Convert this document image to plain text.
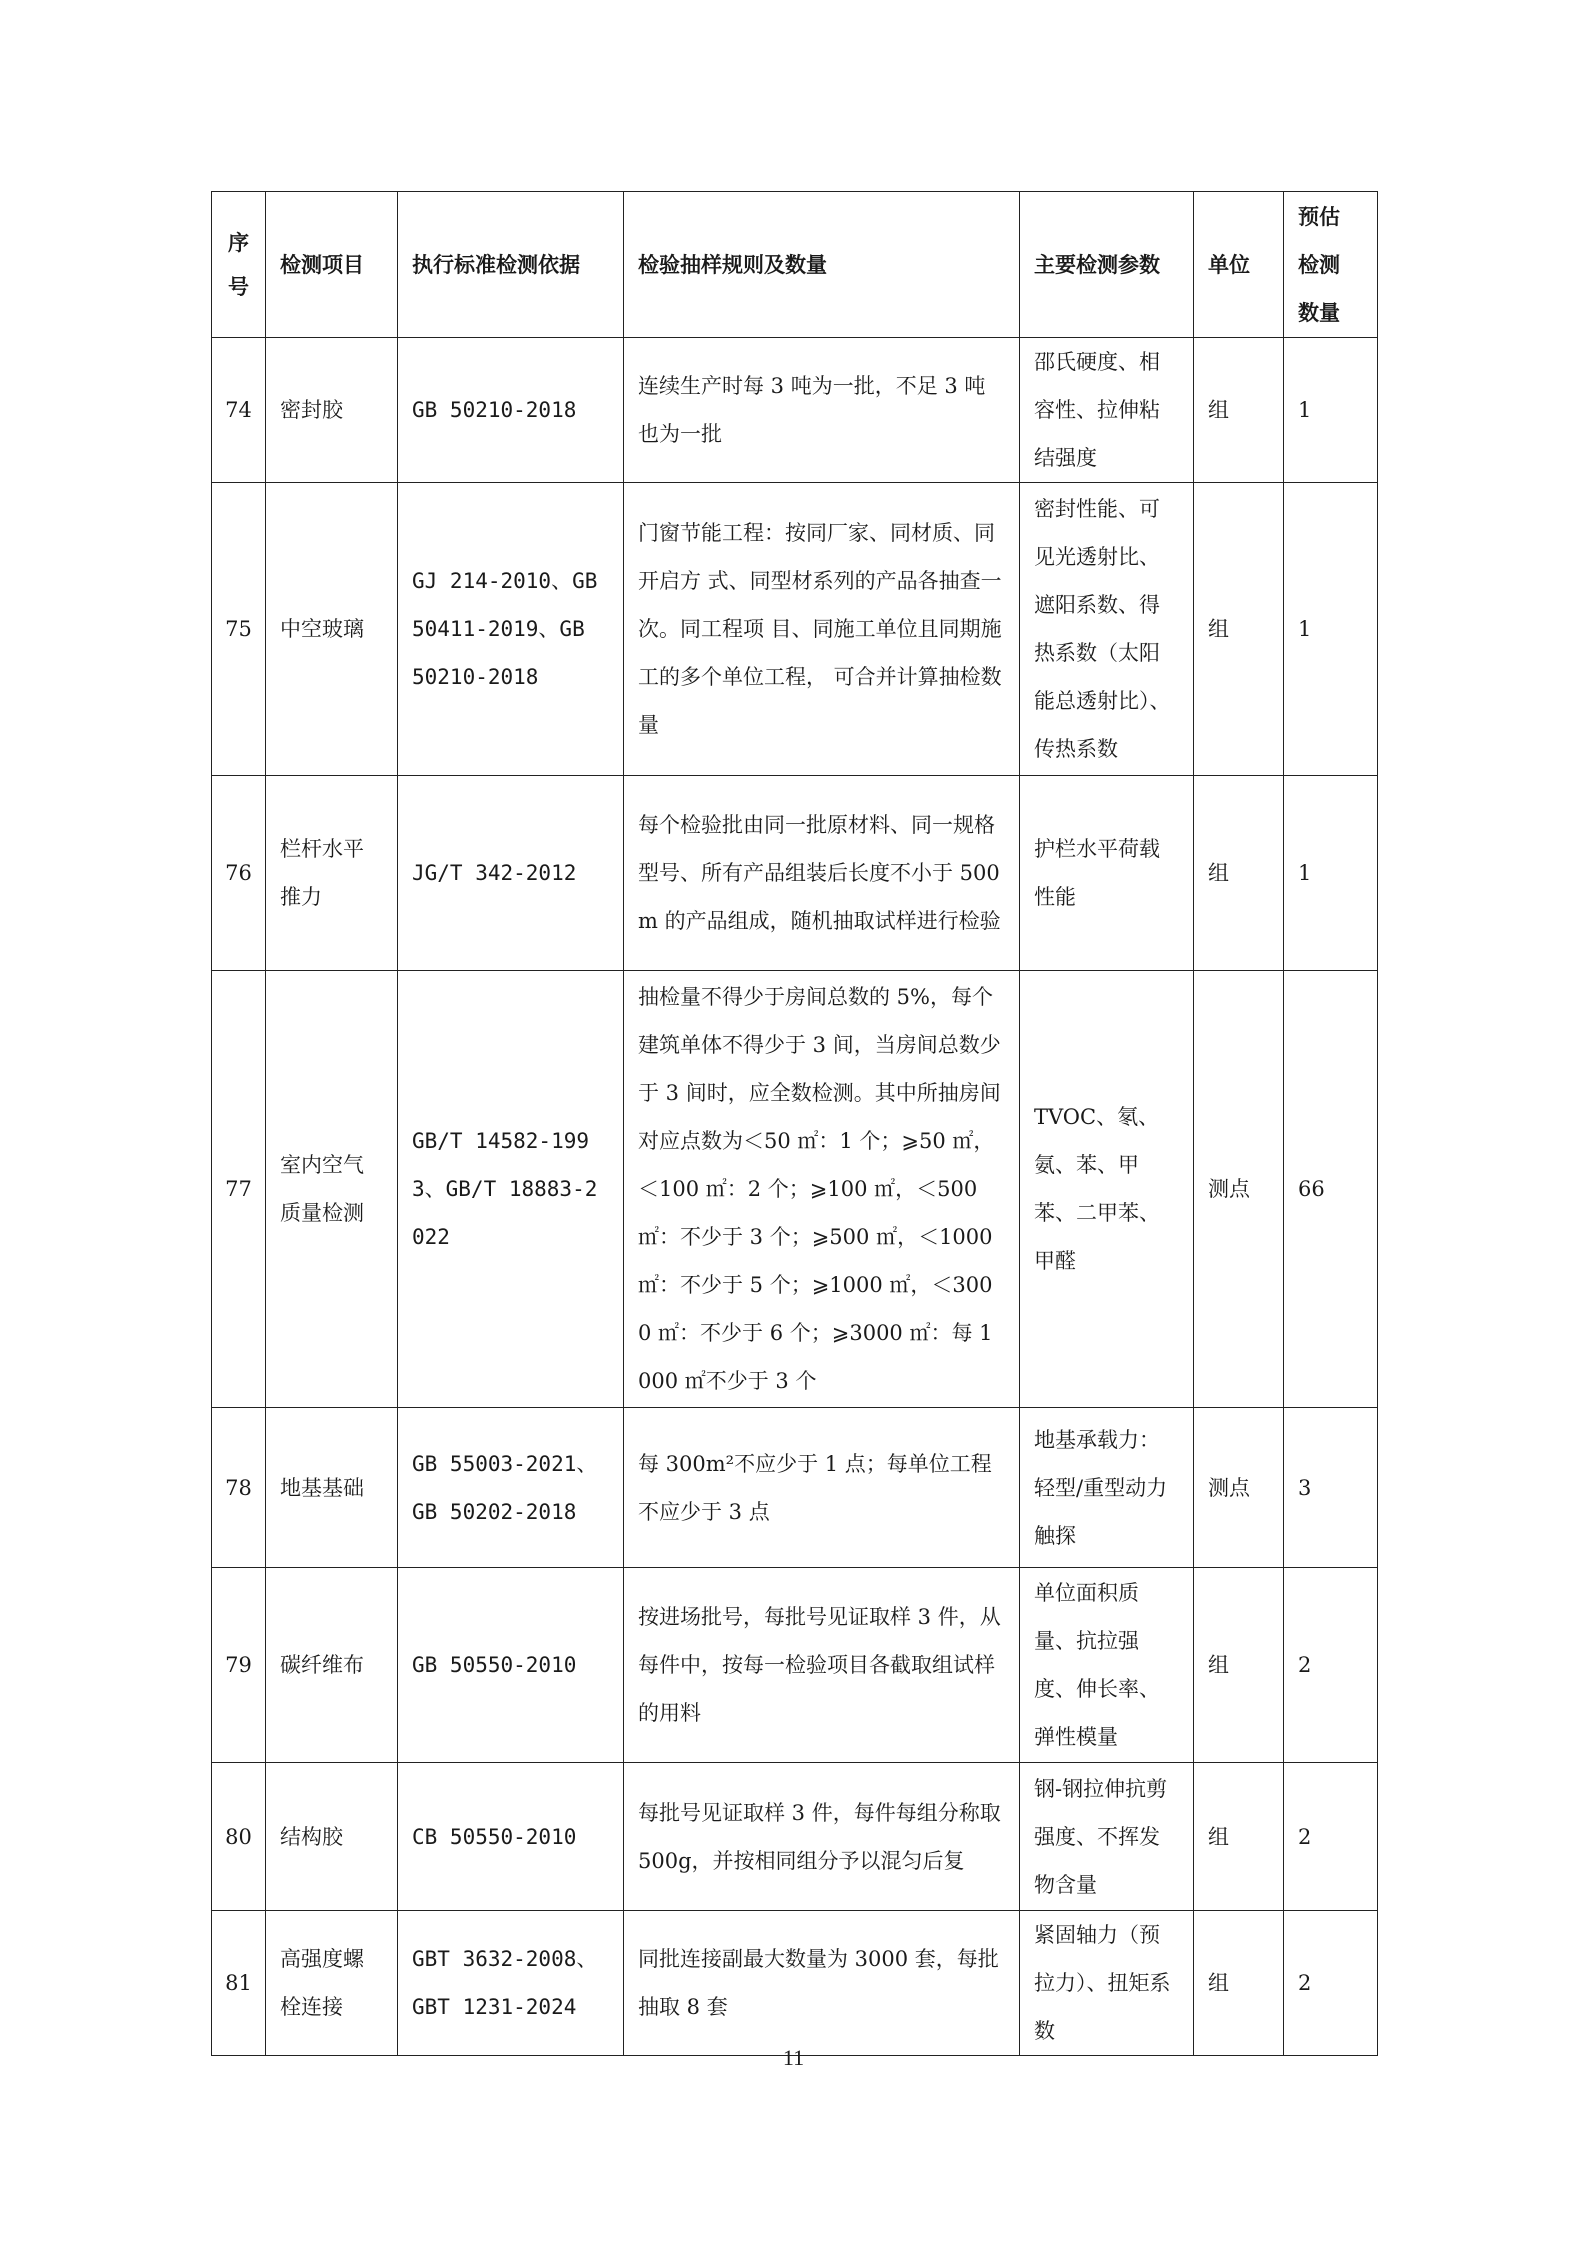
序号	检测项目	执行标准检测依据	检验抽样规则及数量	主要检测参数	单位	预估检测数量
74	密封胶	GB 50210-2018	连续生产时每 3 吨为一批，不足 3 吨也为一批	邵氏硬度、相容性、拉伸粘结强度	组	1
75	中空玻璃	GJ 214-2010、GB 50411-2019、GB 50210-2018	门窗节能工程：按同厂家、同材质、同开启方 式、同型材系列的产品各抽查一次。同工程项 目、同施工单位且同期施工的多个单位工程， 可合并计算抽检数量	密封性能、可见光透射比、遮阳系数、得热系数（太阳能总透射比）、传热系数	组	1
76	栏杆水平推力	JG/T 342-2012	每个检验批由同一批原材料、同一规格型号、所有产品组装后长度不小于 500m 的产品组成，随机抽取试样进行检验	护栏水平荷载性能	组	1
77	室内空气质量检测	GB/T 14582-1993、GB/T 18883-2022	抽检量不得少于房间总数的 5%，每个建筑单体不得少于 3 间，当房间总数少于 3 间时，应全数检测。其中所抽房间对应点数为＜50 ㎡：1 个；⩾50 ㎡，＜100 ㎡：2 个；⩾100 ㎡，＜500 ㎡：不少于 3 个；⩾500 ㎡，＜1000 ㎡：不少于 5 个；⩾1000 ㎡，＜3000 ㎡：不少于 6 个；⩾3000 ㎡：每 1000 ㎡不少于 3 个	TVOC、氡、氨、苯、甲苯、二甲苯、甲醛	测点	66
78	地基基础	GB 55003-2021、GB 50202-2018	每 300m²不应少于 1 点；每单位工程不应少于 3 点	地基承载力：轻型/重型动力触探	测点	3
79	碳纤维布	GB 50550-2010	按进场批号，每批号见证取样 3 件，从每件中，按每一检验项目各截取组试样的用料	单位面积质量、抗拉强度、伸长率、弹性模量	组	2
80	结构胶	CB 50550-2010	每批号见证取样 3 件，每件每组分称取 500g，并按相同组分予以混匀后复	钢-钢拉伸抗剪强度、不挥发物含量	组	2
81	高强度螺栓连接	GBT 3632-2008、GBT 1231-2024	同批连接副最大数量为 3000 套，每批抽取 8 套	紧固轴力（预拉力）、扭矩系数	组	2
11
